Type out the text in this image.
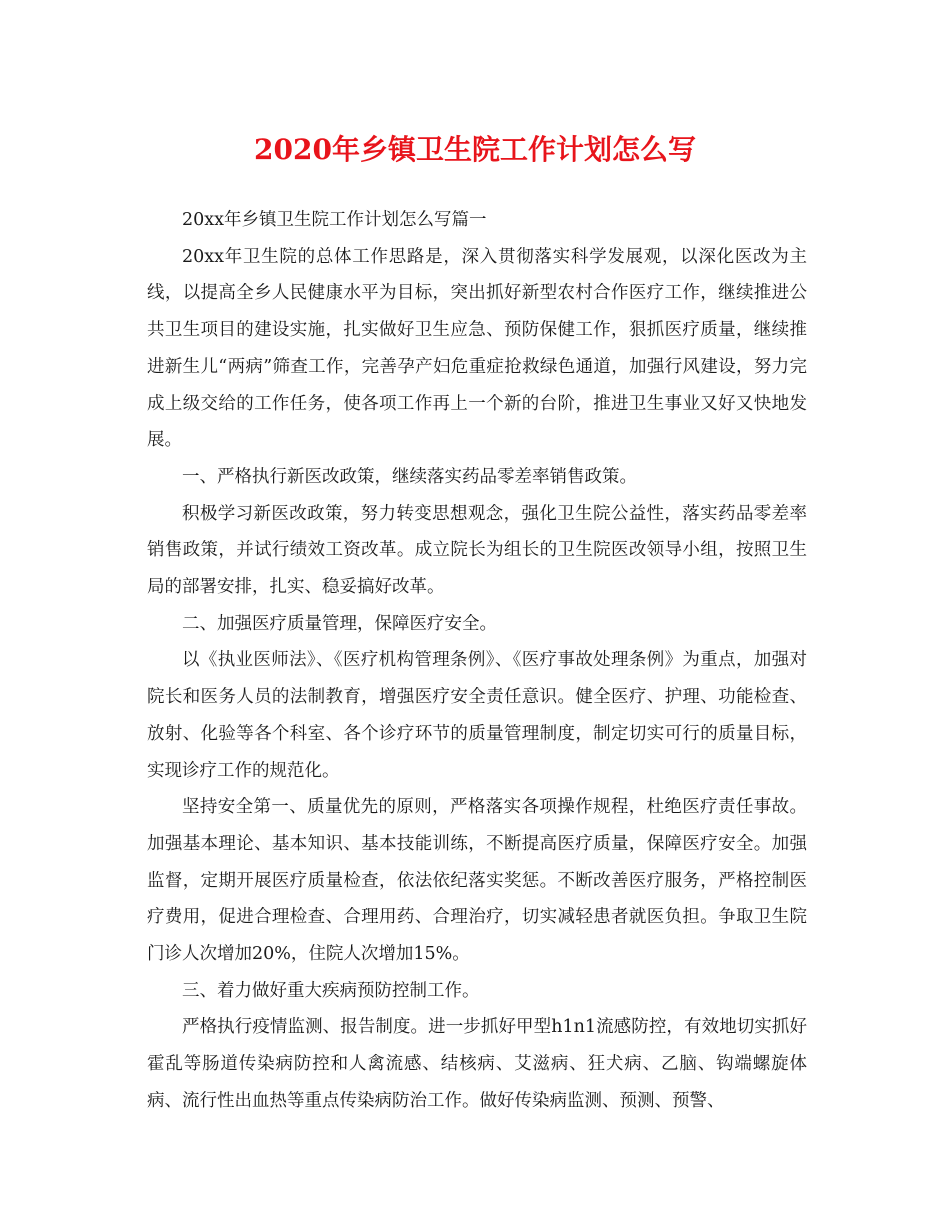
2020年乡镇卫生院工作计划怎么写

20xx年乡镇卫生院工作计划怎么写篇一

20xx年卫生院的总体工作思路是，深入贯彻落实科学发展观，以深化医改为主线，以提高全乡人民健康水平为目标，突出抓好新型农村合作医疗工作，继续推进公共卫生项目的建设实施，扎实做好卫生应急、预防保健工作，狠抓医疗质量，继续推进新生儿“两病”筛查工作，完善孕产妇危重症抢救绿色通道，加强行风建设，努力完成上级交给的工作任务，使各项工作再上一个新的台阶，推进卫生事业又好又快地发展。

一、严格执行新医改政策，继续落实药品零差率销售政策。

积极学习新医改政策，努力转变思想观念，强化卫生院公益性，落实药品零差率销售政策，并试行绩效工资改革。成立院长为组长的卫生院医改领导小组，按照卫生局的部署安排，扎实、稳妥搞好改革。

二、加强医疗质量管理，保障医疗安全。

以《执业医师法》、《医疗机构管理条例》、《医疗事故处理条例》为重点，加强对院长和医务人员的法制教育，增强医疗安全责任意识。健全医疗、护理、功能检查、放射、化验等各个科室、各个诊疗环节的质量管理制度，制定切实可行的质量目标，实现诊疗工作的规范化。

坚持安全第一、质量优先的原则，严格落实各项操作规程，杜绝医疗责任事故。加强基本理论、基本知识、基本技能训练，不断提高医疗质量，保障医疗安全。加强监督，定期开展医疗质量检查，依法依纪落实奖惩。不断改善医疗服务，严格控制医疗费用，促进合理检查、合理用药、合理治疗，切实减轻患者就医负担。争取卫生院门诊人次增加20%，住院人次增加15%。

三、着力做好重大疾病预防控制工作。

严格执行疫情监测、报告制度。进一步抓好甲型h1n1流感防控，有效地切实抓好霍乱等肠道传染病防控和人禽流感、结核病、艾滋病、狂犬病、乙脑、钩端螺旋体病、流行性出血热等重点传染病防治工作。做好传染病监测、预测、预警、
